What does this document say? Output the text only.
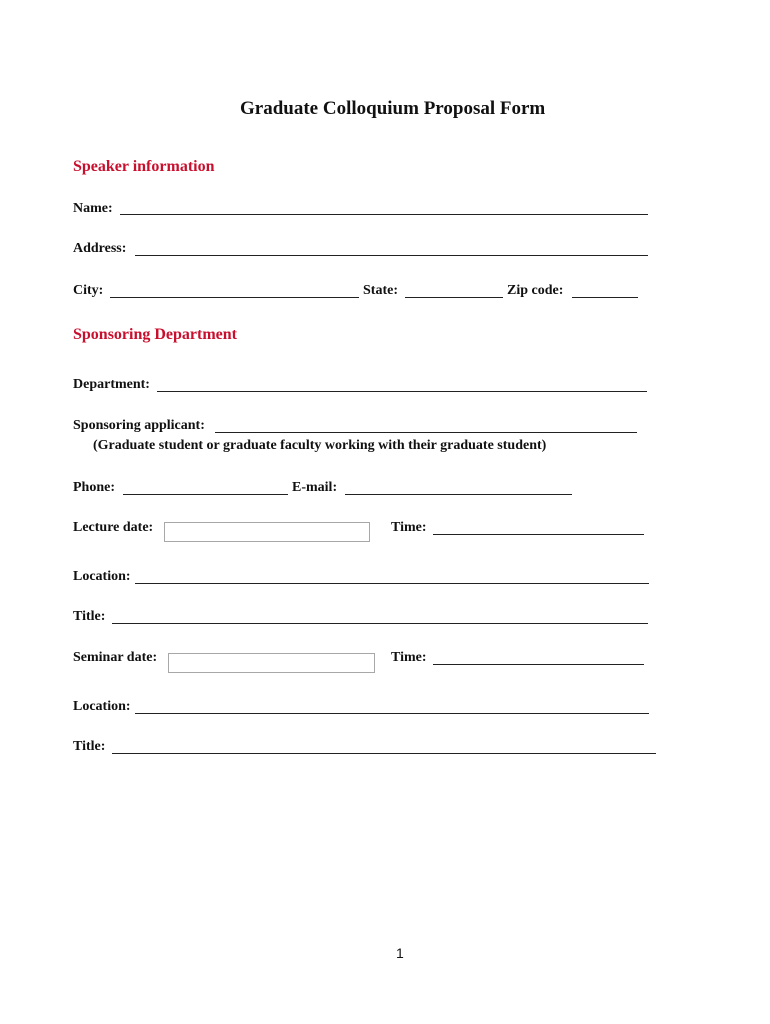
Graduate Colloquium Proposal Form
Speaker information
Name:
Address:
City:	State:	Zip code:
Sponsoring Department
Department:
Sponsoring applicant:
(Graduate student or graduate faculty working with their graduate student)
Phone:	E-mail:
Lecture date:	Time:
Location:
Title:
Seminar date:	Time:
Location:
Title:
1
